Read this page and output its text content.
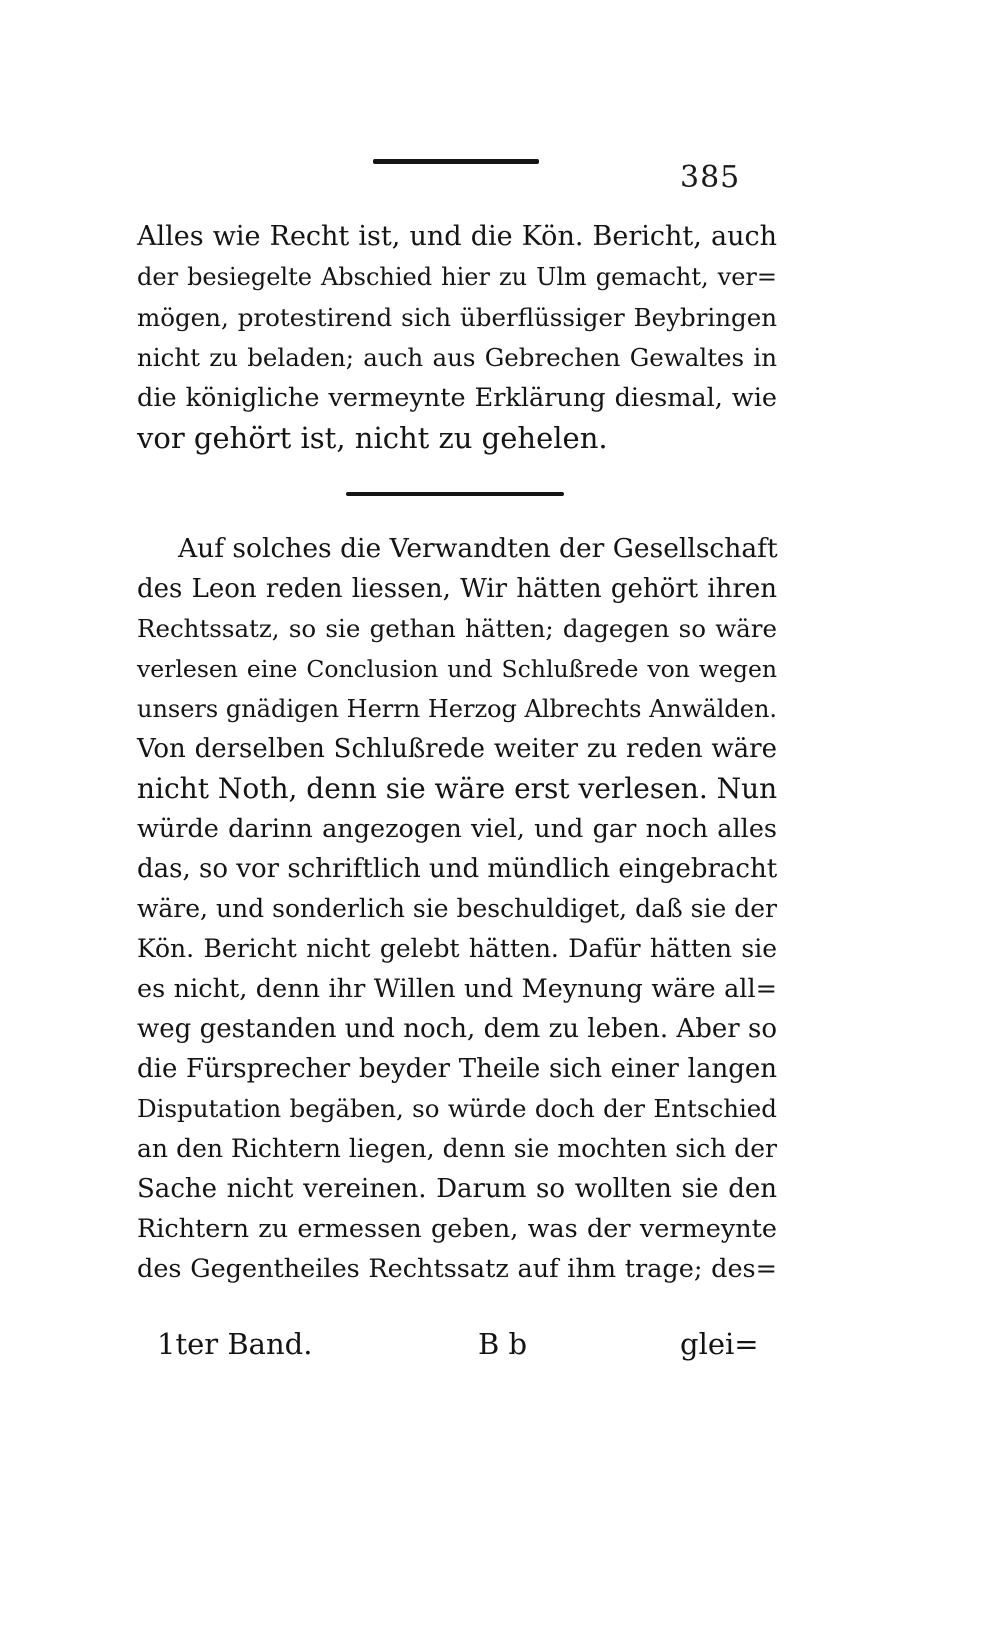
385
Alles wie Recht ist, und die Kön. Bericht, auch
der besiegelte Abschied hier zu Ulm gemacht, ver=
mögen, protestirend sich überflüssiger Beybringen
nicht zu beladen; auch aus Gebrechen Gewaltes in
die königliche vermeynte Erklärung diesmal, wie
vor gehört ist, nicht zu gehelen.
Auf solches die Verwandten der Gesellschaft
des Leon reden liessen, Wir hätten gehört ihren
Rechtssatz, so sie gethan hätten; dagegen so wäre
verlesen eine Conclusion und Schlußrede von wegen
unsers gnädigen Herrn Herzog Albrechts Anwälden.
Von derselben Schlußrede weiter zu reden wäre
nicht Noth, denn sie wäre erst verlesen. Nun
würde darinn angezogen viel, und gar noch alles
das, so vor schriftlich und mündlich eingebracht
wäre, und sonderlich sie beschuldiget, daß sie der
Kön. Bericht nicht gelebt hätten. Dafür hätten sie
es nicht, denn ihr Willen und Meynung wäre all=
weg gestanden und noch, dem zu leben. Aber so
die Fürsprecher beyder Theile sich einer langen
Disputation begäben, so würde doch der Entschied
an den Richtern liegen, denn sie mochten sich der
Sache nicht vereinen. Darum so wollten sie den
Richtern zu ermessen geben, was der vermeynte
des Gegentheiles Rechtssatz auf ihm trage; des=
1ter Band.	B b	glei=
